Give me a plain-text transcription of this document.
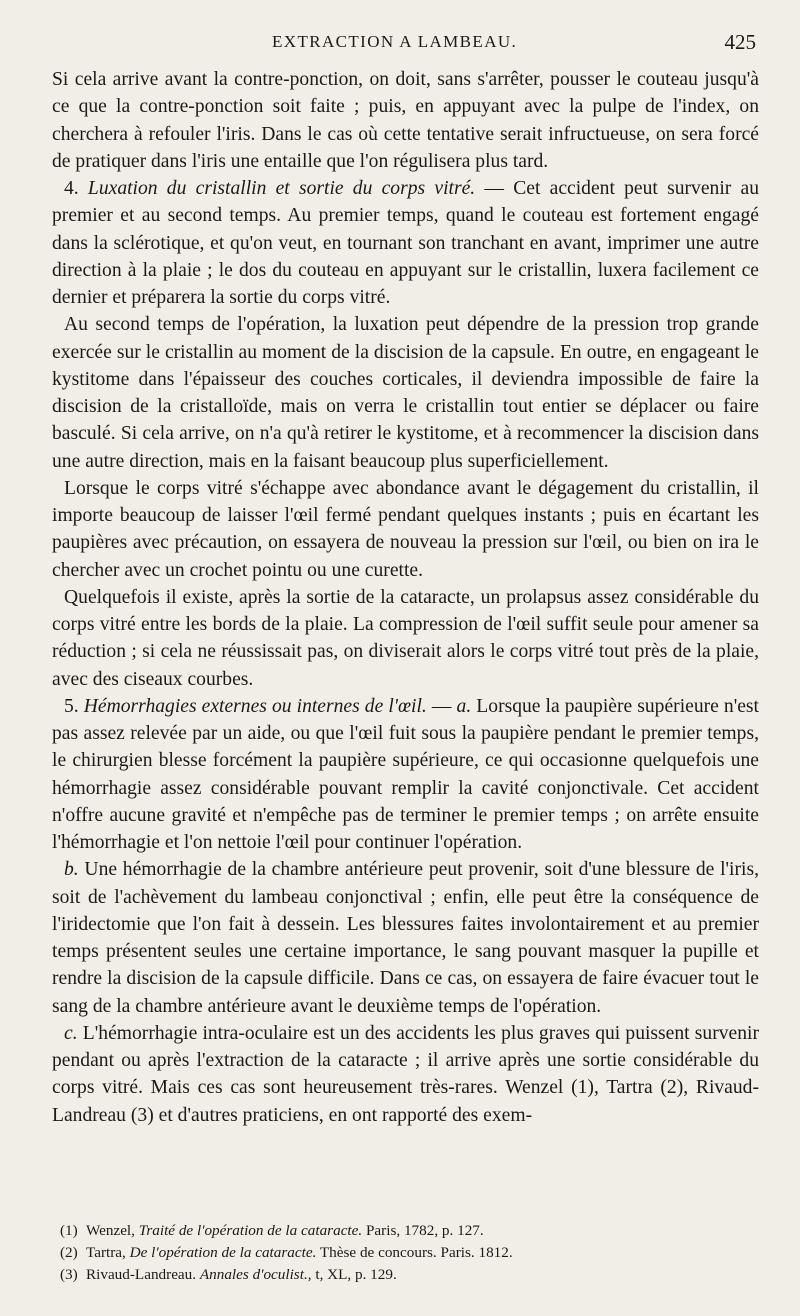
EXTRACTION A LAMBEAU.	425

Si cela arrive avant la contre-ponction, on doit, sans s'arrêter, pousser le couteau jusqu'à ce que la contre-ponction soit faite ; puis, en appuyant avec la pulpe de l'index, on cherchera à refouler l'iris. Dans le cas où cette tentative serait infructueuse, on sera forcé de pratiquer dans l'iris une entaille que l'on régulisera plus tard.

4. Luxation du cristallin et sortie du corps vitré. — Cet accident peut survenir au premier et au second temps. Au premier temps, quand le couteau est fortement engagé dans la sclérotique, et qu'on veut, en tournant son tranchant en avant, imprimer une autre direction à la plaie ; le dos du couteau en appuyant sur le cristallin, luxera facilement ce dernier et préparera la sortie du corps vitré.

Au second temps de l'opération, la luxation peut dépendre de la pression trop grande exercée sur le cristallin au moment de la discision de la capsule. En outre, en engageant le kystitome dans l'épaisseur des couches corticales, il deviendra impossible de faire la discision de la cristalloïde, mais on verra le cristallin tout entier se déplacer ou faire basculé. Si cela arrive, on n'a qu'à retirer le kystitome, et à recommencer la discision dans une autre direction, mais en la faisant beaucoup plus superficiellement.

Lorsque le corps vitré s'échappe avec abondance avant le dégagement du cristallin, il importe beaucoup de laisser l'œil fermé pendant quelques instants ; puis en écartant les paupières avec précaution, on essayera de nouveau la pression sur l'œil, ou bien on ira le chercher avec un crochet pointu ou une curette.

Quelquefois il existe, après la sortie de la cataracte, un prolapsus assez considérable du corps vitré entre les bords de la plaie. La compression de l'œil suffit seule pour amener sa réduction ; si cela ne réussissait pas, on diviserait alors le corps vitré tout près de la plaie, avec des ciseaux courbes.

5. Hémorrhagies externes ou internes de l'œil. — a. Lorsque la paupière supérieure n'est pas assez relevée par un aide, ou que l'œil fuit sous la paupière pendant le premier temps, le chirurgien blesse forcément la paupière supérieure, ce qui occasionne quelquefois une hémorrhagie assez considérable pouvant remplir la cavité conjonctivale. Cet accident n'offre aucune gravité et n'empêche pas de terminer le premier temps ; on arrête ensuite l'hémorrhagie et l'on nettoie l'œil pour continuer l'opération.

b. Une hémorrhagie de la chambre antérieure peut provenir, soit d'une blessure de l'iris, soit de l'achèvement du lambeau conjonctival ; enfin, elle peut être la conséquence de l'iridectomie que l'on fait à dessein. Les blessures faites involontairement et au premier temps présentent seules une certaine importance, le sang pouvant masquer la pupille et rendre la discision de la capsule difficile. Dans ce cas, on essayera de faire évacuer tout le sang de la chambre antérieure avant le deuxième temps de l'opération.

c. L'hémorrhagie intra-oculaire est un des accidents les plus graves qui puissent survenir pendant ou après l'extraction de la cataracte ; il arrive après une sortie considérable du corps vitré. Mais ces cas sont heureusement très-rares. Wenzel (1), Tartra (2), Rivaud-Landreau (3) et d'autres praticiens, en ont rapporté des exem-

(1) Wenzel, Traité de l'opération de la cataracte. Paris, 1782, p. 127.

(2) Tartra, De l'opération de la cataracte. Thèse de concours. Paris. 1812.

(3) Rivaud-Landreau. Annales d'oculist., t, XL, p. 129.
